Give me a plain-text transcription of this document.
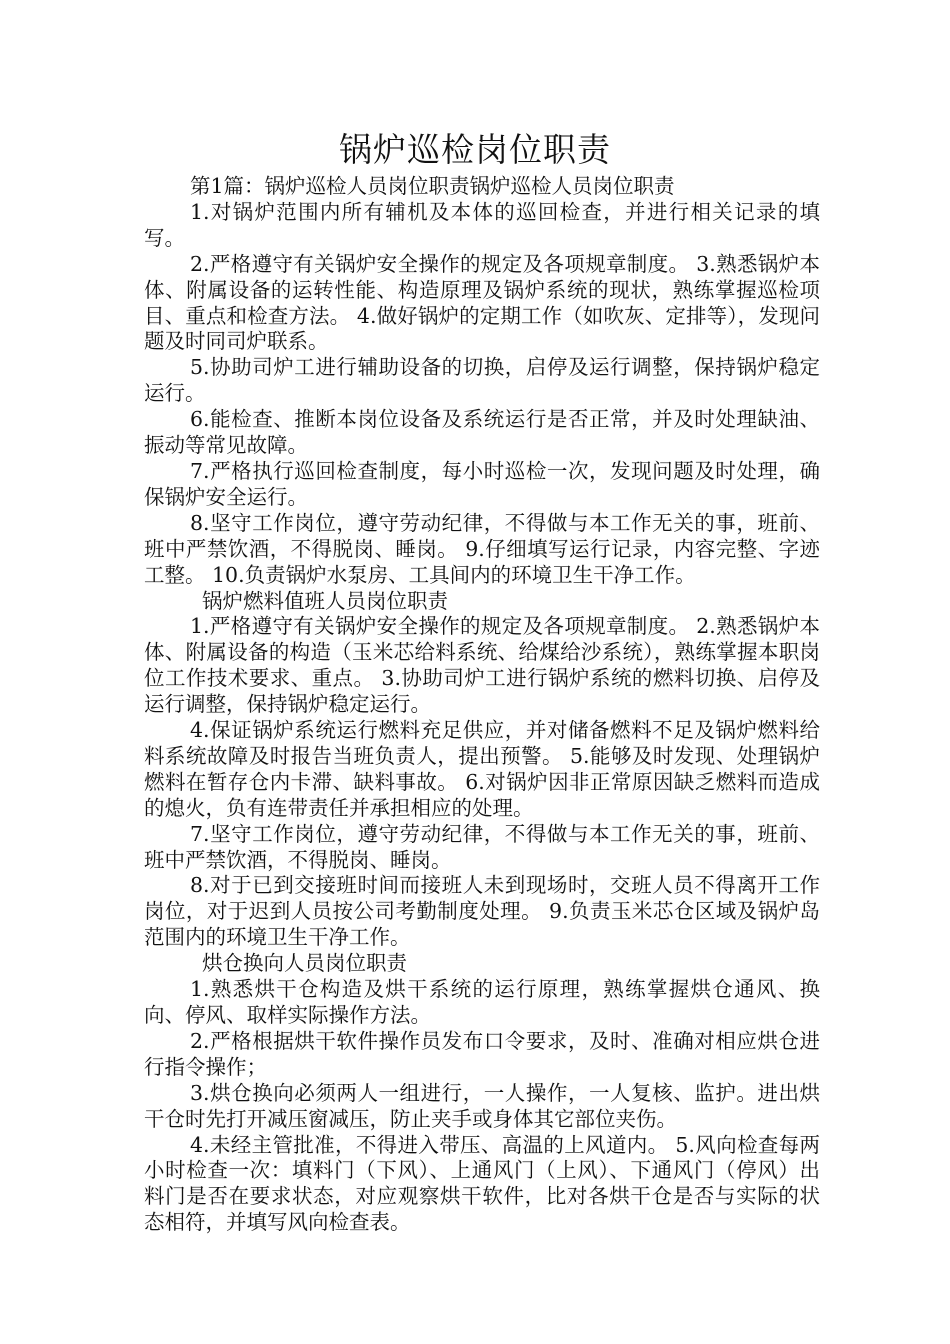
锅炉巡检岗位职责

第1篇：锅炉巡检人员岗位职责锅炉巡检人员岗位职责

1.对锅炉范围内所有辅机及本体的巡回检查，并进行相关记录的填写。

2.严格遵守有关锅炉安全操作的规定及各项规章制度。 3.熟悉锅炉本体、附属设备的运转性能、构造原理及锅炉系统的现状，熟练掌握巡检项目、重点和检查方法。 4.做好锅炉的定期工作（如吹灰、定排等），发现问题及时同司炉联系。

5.协助司炉工进行辅助设备的切换，启停及运行调整，保持锅炉稳定运行。

6.能检查、推断本岗位设备及系统运行是否正常，并及时处理缺油、振动等常见故障。

7.严格执行巡回检查制度，每小时巡检一次，发现问题及时处理，确保锅炉安全运行。

8.坚守工作岗位，遵守劳动纪律，不得做与本工作无关的事，班前、班中严禁饮酒，不得脱岗、睡岗。 9.仔细填写运行记录，内容完整、字迹工整。 10.负责锅炉水泵房、工具间内的环境卫生干净工作。

锅炉燃料值班人员岗位职责

1.严格遵守有关锅炉安全操作的规定及各项规章制度。 2.熟悉锅炉本体、附属设备的构造（玉米芯给料系统、给煤给沙系统），熟练掌握本职岗位工作技术要求、重点。 3.协助司炉工进行锅炉系统的燃料切换、启停及运行调整，保持锅炉稳定运行。

4.保证锅炉系统运行燃料充足供应，并对储备燃料不足及锅炉燃料给料系统故障及时报告当班负责人，提出预警。 5.能够及时发现、处理锅炉燃料在暂存仓内卡滞、缺料事故。 6.对锅炉因非正常原因缺乏燃料而造成的熄火，负有连带责任并承担相应的处理。

7.坚守工作岗位，遵守劳动纪律，不得做与本工作无关的事，班前、班中严禁饮酒，不得脱岗、睡岗。

8.对于已到交接班时间而接班人未到现场时，交班人员不得离开工作岗位，对于迟到人员按公司考勤制度处理。 9.负责玉米芯仓区域及锅炉岛范围内的环境卫生干净工作。

烘仓换向人员岗位职责

1.熟悉烘干仓构造及烘干系统的运行原理，熟练掌握烘仓通风、换向、停风、取样实际操作方法。

2.严格根据烘干软件操作员发布口令要求，及时、准确对相应烘仓进行指令操作；

3.烘仓换向必须两人一组进行，一人操作，一人复核、监护。进出烘干仓时先打开减压窗减压，防止夹手或身体其它部位夹伤。

4.未经主管批准，不得进入带压、高温的上风道内。 5.风向检查每两小时检查一次：填料门（下风）、上通风门（上风）、下通风门（停风）出料门是否在要求状态，对应观察烘干软件，比对各烘干仓是否与实际的状态相符，并填写风向检查表。
